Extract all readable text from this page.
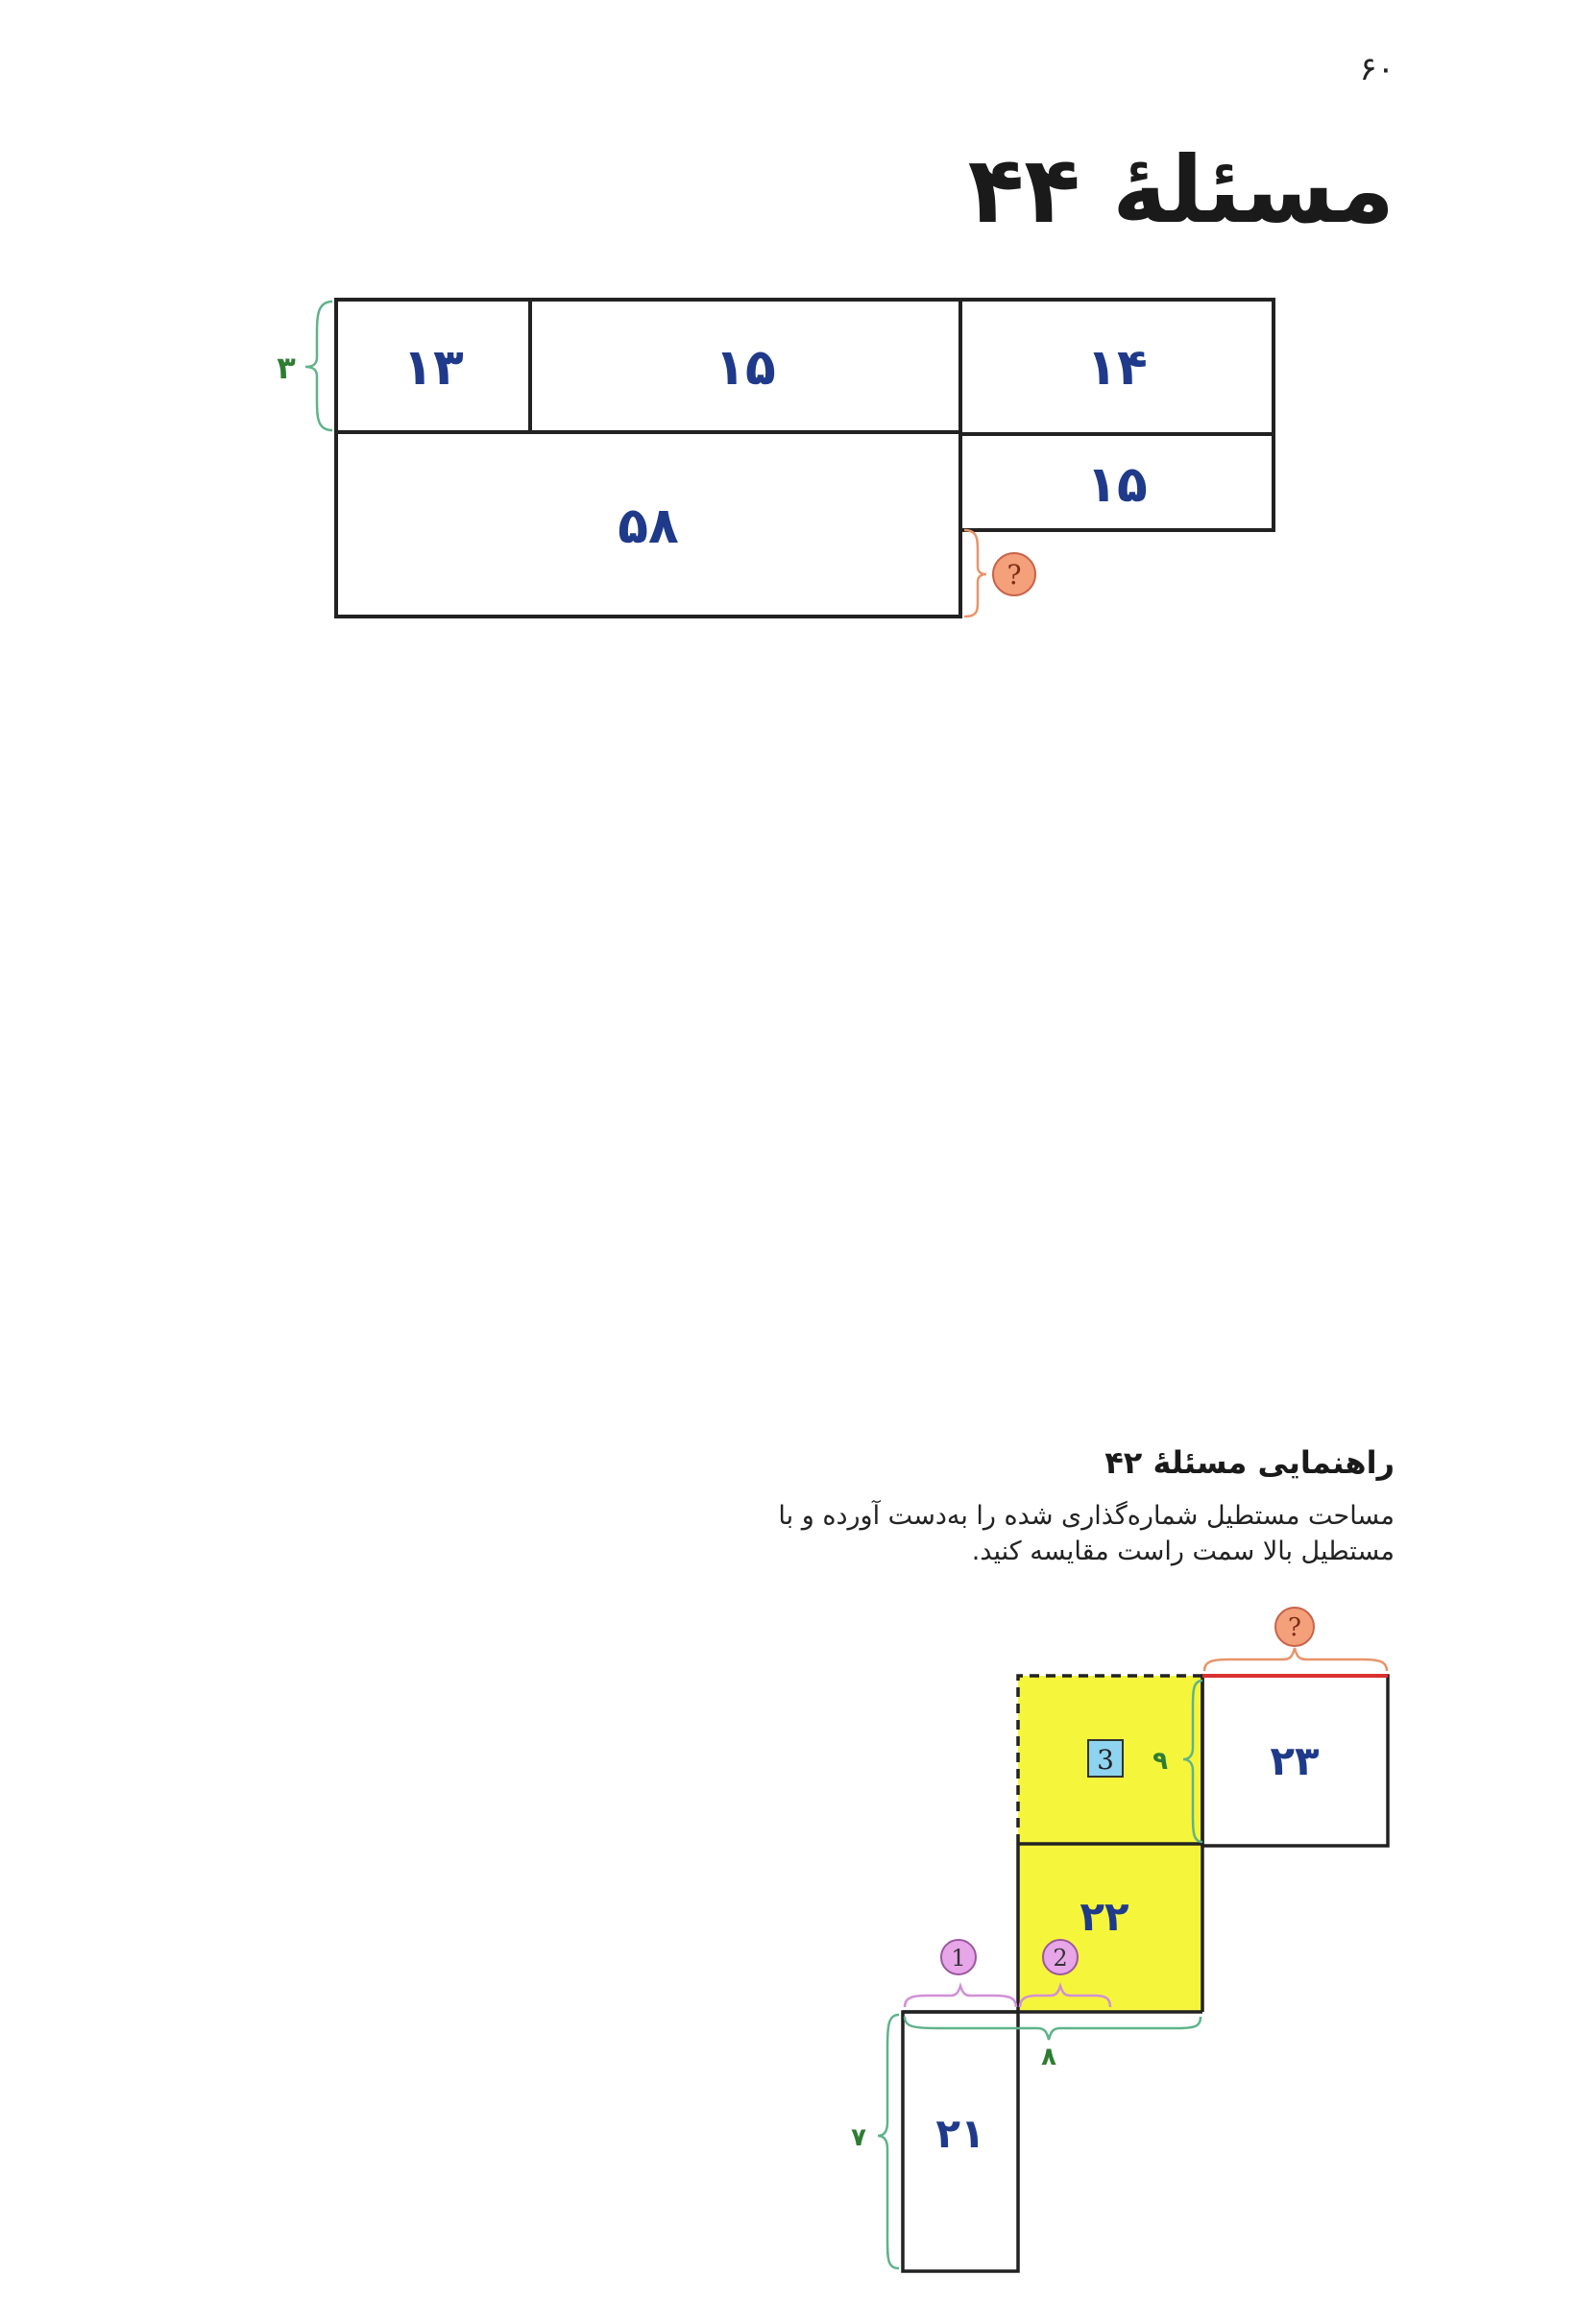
۶۰
مسئلهٔ ۴۴
۱۳	۱۵	۱۴
۱۵
۵۸
۳
?
راهنمایی مسئلهٔ ۴۲
مساحت مستطیل شماره‌گذاری شده را به‌دست آورده و با مستطیل بالا سمت راست مقایسه کنید.
?
۹
3	۲۳
۲۲
۲۱
1	2
۸
۷
